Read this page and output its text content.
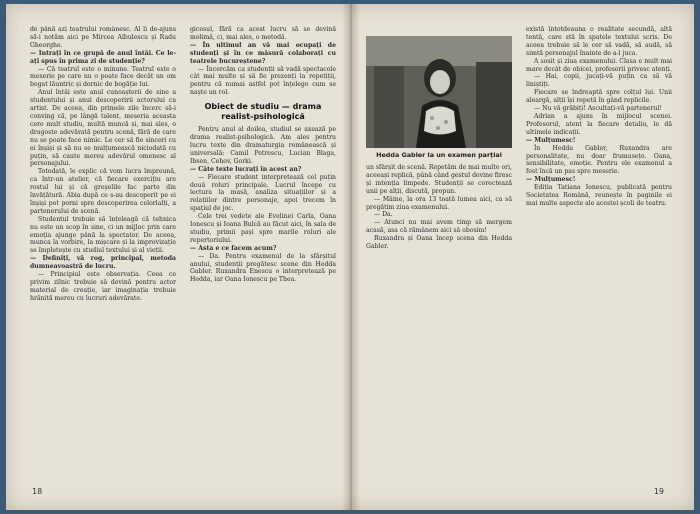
de până azi teatrului românesc. Al li de-ajuns să-i notăm aici pe Mircea Albulescu și Radu Gheorghe.

— Intrați în ce grupă de anul întâi. Ce le-ați spus în prima zi de studenție?

— Că teatrul este o minune. Teatrul este o meserie pe care nu o poate face decât un om bogat lăuntric și dornic de bogăție lui.

Anul întâi este anul cunoașterii de sine a studentului și anul descoperirii actorului ca artist. De aceea, din primele zile încerc să-i conving că, pe lângă talent, meseria aceasta cere mult studiu, multă muncă și, mai ales, o dragoste adevărată pentru scenă, fără de care nu se poate face nimic. Le cer să fie sinceri cu ei înșiși și să nu se mulțumească niciodată cu puțin, să caute mereu adevărul omenesc al personajului.

Totodată, le explic că vom lucra împreună, ca într-un atelier, că fiecare exercițiu are rostul lui și că greșelile fac parte din învățătură. Abia după ce s-au descoperit pe ei înșiși pot porni spre descoperirea celorlalți, a partenerului de scenă.

Studentul trebuie să înțeleagă că tehnica nu este un scop în sine, ci un mijloc prin care emoția ajunge până la spectator. De aceea, munca la vorbire, la mișcare și la improvizație se împletește cu studiul textului și al vieții.

— Definiți, vă rog, principal, metoda dumneavoastră de lucru.

— Principiul este observația. Ceea ce privim zilnic trebuie să devină pentru actor material de creație, iar imaginația trebuie hrănită mereu cu lucruri adevărate.

gicesul, fără ca acest lucru să se devină molimă, ci, mai ales, o metodă.

— În ultimul an vă mai ocupați de studenți și în ce măsură colaborați cu teatrele bucureștene?

— Încercăm ca studenții să vadă spectacole cât mai multe și să fie prezenți la repetiții, pentru că numai astfel pot înțelege cum se naște un rol.

Obiect de studiu — drama realist-psihologică

Pentru anul al doilea, studiul se axează pe drama realist-psihologică. Am ales pentru lucru texte din dramaturgia românească și universală: Camil Petrescu, Lucian Blaga, Ibsen, Cehov, Gorki.

— Câte texte lucrați în acest an?

— Fiecare student interpretează cel puțin două roluri principale. Lucrul începe cu lectura la masă, analiza situațiilor și a relațiilor dintre personaje, apoi trecem în spațiul de joc.

Cele trei vedete ale Evelinei Carla, Oana Ionescu și Ioana Bulcă au făcut aici, în sala de studiu, primii pași spre marile roluri ale repertoriului.

— Asta e ce facem acum?

— Da. Pentru examenul de la sfârșitul anului, studenții pregătesc scene din Hedda Gabler. Ruxandra Enescu o interpretează pe Hedda, iar Oana Ionescu pe Thea.

18
Hedda Gabler la un examen parțial

un sfârșit de scenă. Repetăm de mai multe ori, aceeași replică, până când gestul devine firesc și intenția limpede. Studenții se corectează unii pe alții, discută, propun.

— Mâine, la ora 13 toată lumea aici, ca să pregătim ziua examenului.

— Da.

— Atunci nu mai avem timp să mergem acasă, asa că rămânem aici să obosim!

Ruxandra și Oana încep scena din Hedda Gabler.

există întotdeauna o realitate secundă, altă tentă, care stă în spatele textului scris. De aceea trebuie să le cer să vadă, să audă, să simtă personajul înainte de a-l juca.

A sosit și ziua examenului. Clasa e mult mai mare decât de obicei, profesorii privesc atenți.

— Hai, copii, jucați-vă puțin ca să vă liniștiți.

Fiecare se îndreaptă spre colțul lui. Unii aleargă, alții își repetă în gând replicile.

— Nu vă grăbiți! Ascultați-vă partenerul!

Adrian a ajuns în mijlocul scenei. Profesorul, atent la fiecare detaliu, le dă ultimele indicații.

— Mulțumesc!

În Hedda Gabler, Ruxandra are personalitate, nu doar frumusețe. Oana, sensibilitate, emoție. Pentru ele examenul a fost încă un pas spre meserie.

— Mulțumesc!

Ediția Tatiana Ionescu, publicată pentru Societatea Română, reunește în paginile ei mai multe aspecte ale acestei școli de teatru.

19
